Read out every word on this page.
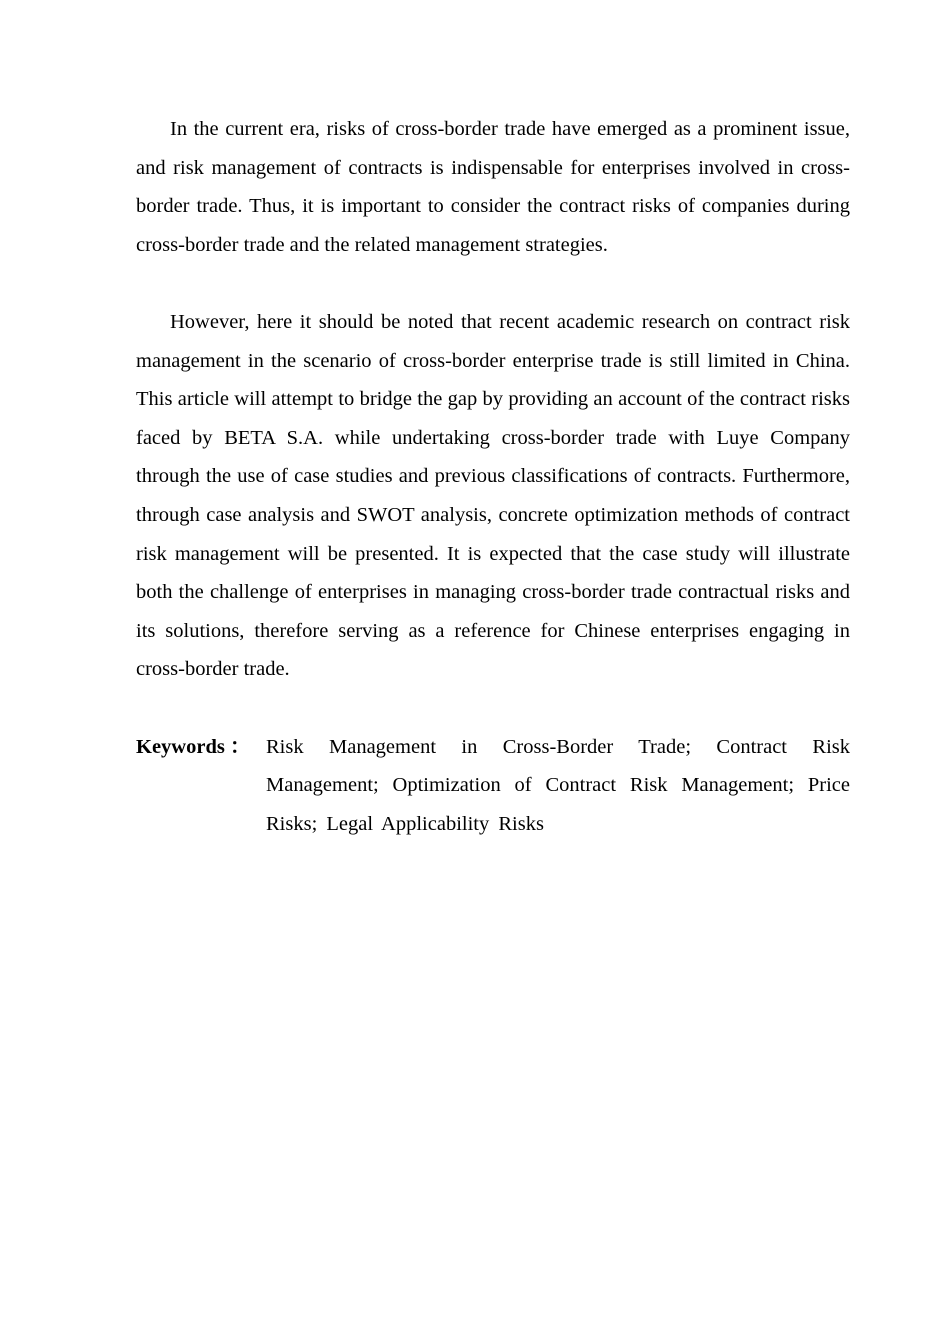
In the current era, risks of cross-border trade have emerged as a prominent issue, and risk management of contracts is indispensable for enterprises involved in cross-border trade. Thus, it is important to consider the contract risks of companies during cross-border trade and the related management strategies.

However, here it should be noted that recent academic research on contract risk management in the scenario of cross-border enterprise trade is still limited in China. This article will attempt to bridge the gap by providing an account of the contract risks faced by BETA S.A. while undertaking cross-border trade with Luye Company through the use of case studies and previous classifications of contracts. Furthermore, through case analysis and SWOT analysis, concrete optimization methods of contract risk management will be presented. It is expected that the case study will illustrate both the challenge of enterprises in managing cross-border trade contractual risks and its solutions, therefore serving as a reference for Chinese enterprises engaging in cross-border trade.

Keywords ： Risk Management in Cross-Border Trade; Contract Risk Management; Optimization of Contract Risk Management; Price Risks; Legal Applicability Risks
